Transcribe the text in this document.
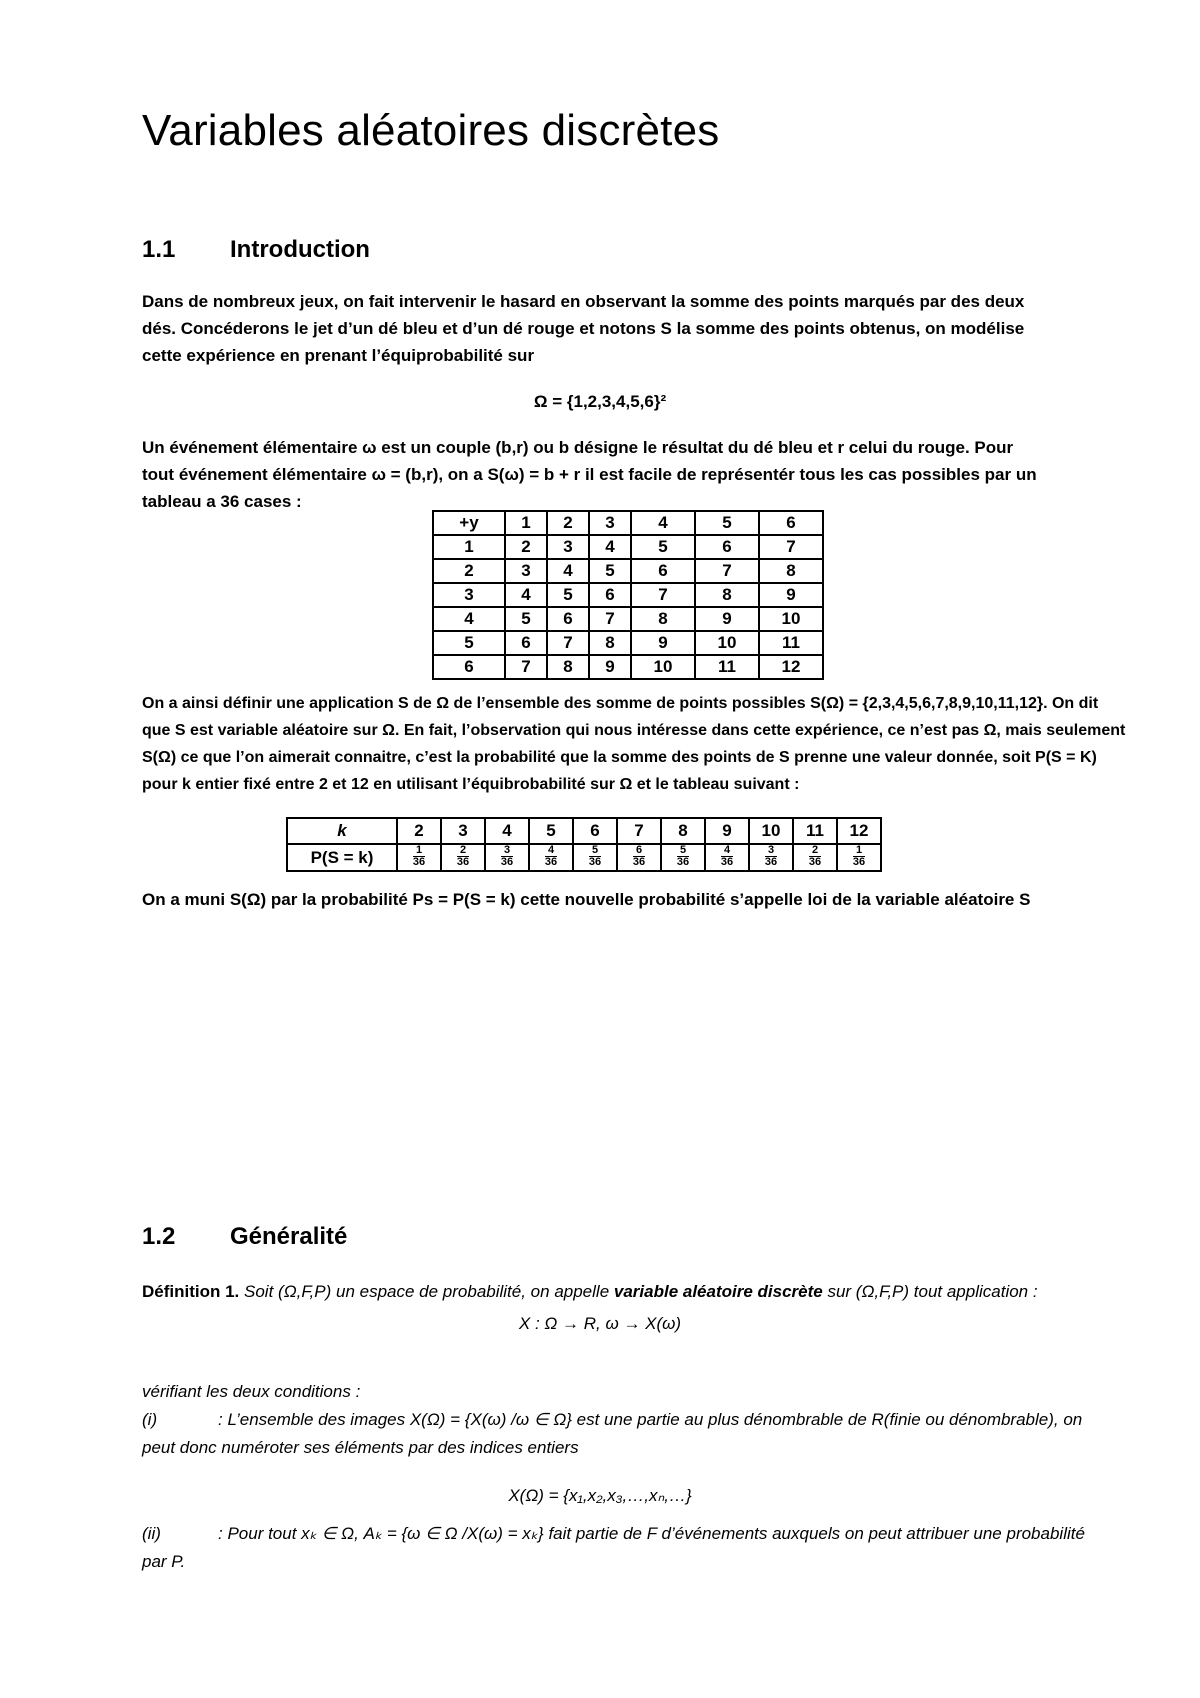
Variables aléatoires discrètes
1.1 Introduction
Dans de nombreux jeux, on fait intervenir le hasard en observant la somme des points marqués par des deux
dés. Concéderons le jet d’un dé bleu et d’un dé rouge et notons S la somme des points obtenus, on modélise
cette expérience en prenant l’équiprobabilité sur
Ω = {1,2,3,4,5,6}²
Un événement élémentaire ω est un couple (b,r) ou b désigne le résultat du dé bleu et r celui du rouge. Pour
tout événement élémentaire ω = (b,r), on a S(ω) = b + r il est facile de représentér tous les cas possibles par un
tableau a 36 cases :
+y	1	2	3	4	5	6
1	2	3	4	5	6	7
2	3	4	5	6	7	8
3	4	5	6	7	8	9
4	5	6	7	8	9	10
5	6	7	8	9	10	11
6	7	8	9	10	11	12
On a ainsi définir une application S de Ω de l’ensemble des somme de points possibles S(Ω) = {2,3,4,5,6,7,8,9,10,11,12}. On dit
que S est variable aléatoire sur Ω. En fait, l’observation qui nous intéresse dans cette expérience, ce n’est pas Ω, mais seulement
S(Ω) ce que l’on aimerait connaitre, c’est la probabilité que la somme des points de S prenne une valeur donnée, soit P(S = K)
pour k entier fixé entre 2 et 12 en utilisant l’équibrobabilité sur Ω et le tableau suivant :
k	2	3	4	5	6	7	8	9	10	11	12
P(S = k)	$\frac{1}{36}$	$\frac{2}{36}$	$\frac{3}{36}$	$\frac{4}{36}$	$\frac{5}{36}$	$\frac{6}{36}$	$\frac{5}{36}$	$\frac{4}{36}$	$\frac{3}{36}$	$\frac{2}{36}$	$\frac{1}{36}$
On a muni S(Ω) par la probabilité Ps = P(S = k) cette nouvelle probabilité s’appelle loi de la variable aléatoire S
1.2 Généralité
Définition 1. Soit (Ω,F,P) un espace de probabilité, on appelle variable aléatoire discrète sur (Ω,F,P) tout application :
X : Ω → R, ω → X(ω)
vérifiant les deux conditions :
(i)	: L’ensemble des images X(Ω) = {X(ω) /ω ∈ Ω} est une partie au plus dénombrable de R(finie ou dénombrable), on
peut donc numéroter ses éléments par des indices entiers
X(Ω) = {x₁,x₂,x₃,…,xₙ,…}
(ii)	: Pour tout xₖ ∈ Ω, Aₖ = {ω ∈ Ω /X(ω) = xₖ} fait partie de F d’événements auxquels on peut attribuer une probabilité
par P.
